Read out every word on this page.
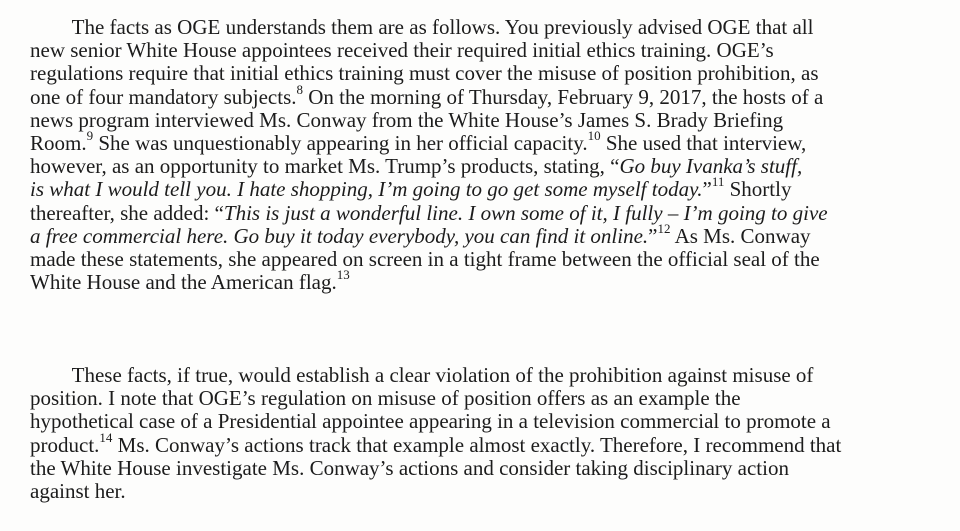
The facts as OGE understands them are as follows. You previously advised OGE that all
new senior White House appointees received their required initial ethics training. OGE’s
regulations require that initial ethics training must cover the misuse of position prohibition, as
one of four mandatory subjects.$^8$ On the morning of Thursday, February 9, 2017, the hosts of a
news program interviewed Ms. Conway from the White House’s James S. Brady Briefing
Room.$^9$ She was unquestionably appearing in her official capacity.$^{10}$ She used that interview,
however, as an opportunity to market Ms. Trump’s products, stating, “Go buy Ivanka’s stuff,
is what I would tell you. I hate shopping, I’m going to go get some myself today.”$^{11}$ Shortly
thereafter, she added: “This is just a wonderful line. I own some of it, I fully – I’m going to give
a free commercial here. Go buy it today everybody, you can find it online.”$^{12}$ As Ms. Conway
made these statements, she appeared on screen in a tight frame between the official seal of the
White House and the American flag.$^{13}$
These facts, if true, would establish a clear violation of the prohibition against misuse of
position. I note that OGE’s regulation on misuse of position offers as an example the
hypothetical case of a Presidential appointee appearing in a television commercial to promote a
product.$^{14}$ Ms. Conway’s actions track that example almost exactly. Therefore, I recommend that
the White House investigate Ms. Conway’s actions and consider taking disciplinary action
against her.
